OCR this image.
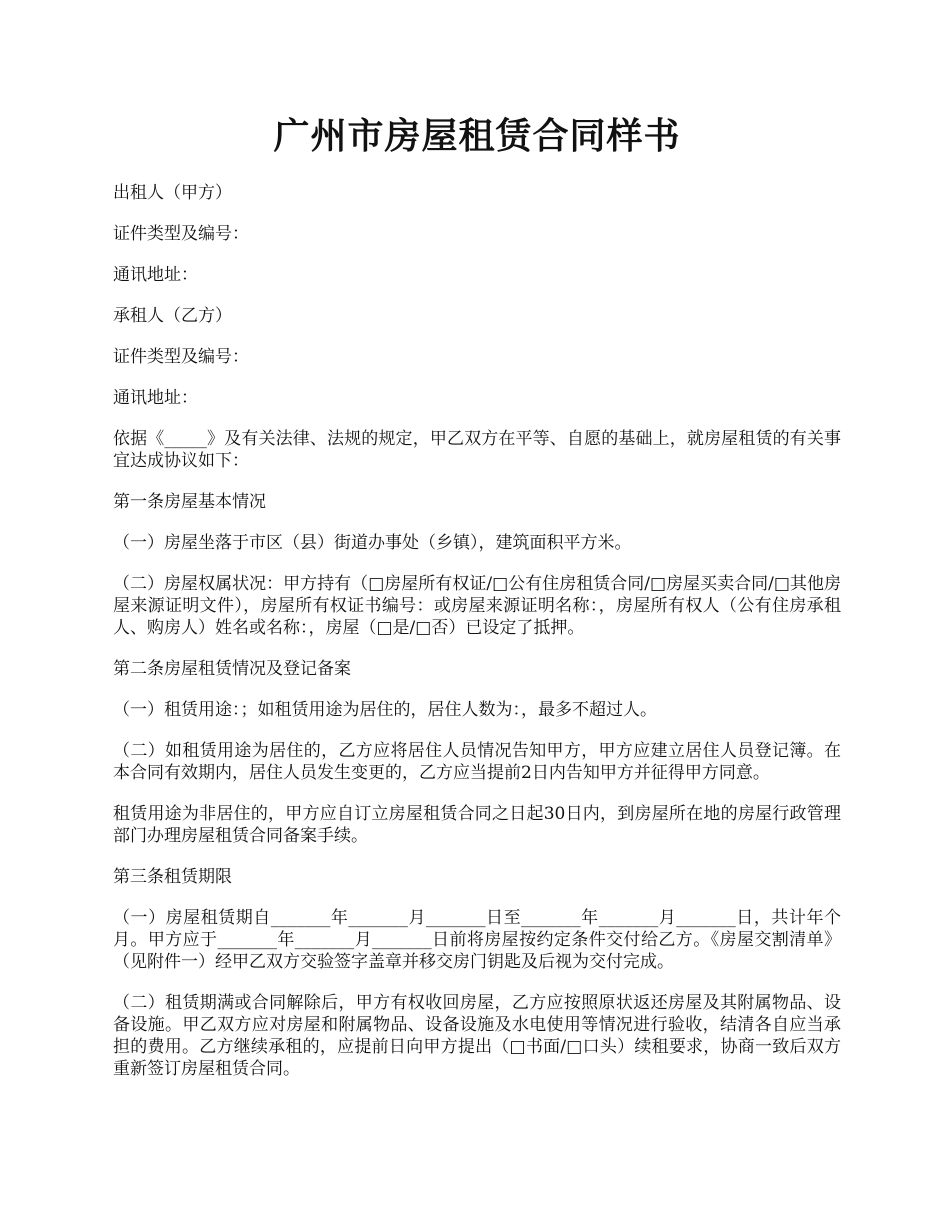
广州市房屋租赁合同样书

出租人（甲方）

证件类型及编号：

通讯地址：

承租人（乙方）

证件类型及编号：

通讯地址：

依据《_____》及有关法律、法规的规定，甲乙双方在平等、自愿的基础上，就房屋租赁的有关事宜达成协议如下：

第一条房屋基本情况

（一）房屋坐落于市区（县）街道办事处（乡镇），建筑面积平方米。

（二）房屋权属状况：甲方持有（□房屋所有权证/□公有住房租赁合同/□房屋买卖合同/□其他房屋来源证明文件），房屋所有权证书编号：或房屋来源证明名称：，房屋所有权人（公有住房承租人、购房人）姓名或名称：，房屋（□是/□否）已设定了抵押。

第二条房屋租赁情况及登记备案

（一）租赁用途：；如租赁用途为居住的，居住人数为：，最多不超过人。

（二）如租赁用途为居住的，乙方应将居住人员情况告知甲方，甲方应建立居住人员登记簿。在本合同有效期内，居住人员发生变更的，乙方应当提前2日内告知甲方并征得甲方同意。

租赁用途为非居住的，甲方应自订立房屋租赁合同之日起30日内，到房屋所在地的房屋行政管理部门办理房屋租赁合同备案手续。

第三条租赁期限

（一）房屋租赁期自_______年_______月_______日至_______年_______月_______日，共计年个月。甲方应于_______年_______月_______日前将房屋按约定条件交付给乙方。《房屋交割清单》（见附件一）经甲乙双方交验签字盖章并移交房门钥匙及后视为交付完成。

（二）租赁期满或合同解除后，甲方有权收回房屋，乙方应按照原状返还房屋及其附属物品、设备设施。甲乙双方应对房屋和附属物品、设备设施及水电使用等情况进行验收，结清各自应当承担的费用。乙方继续承租的，应提前日向甲方提出（□书面/□口头）续租要求，协商一致后双方重新签订房屋租赁合同。
